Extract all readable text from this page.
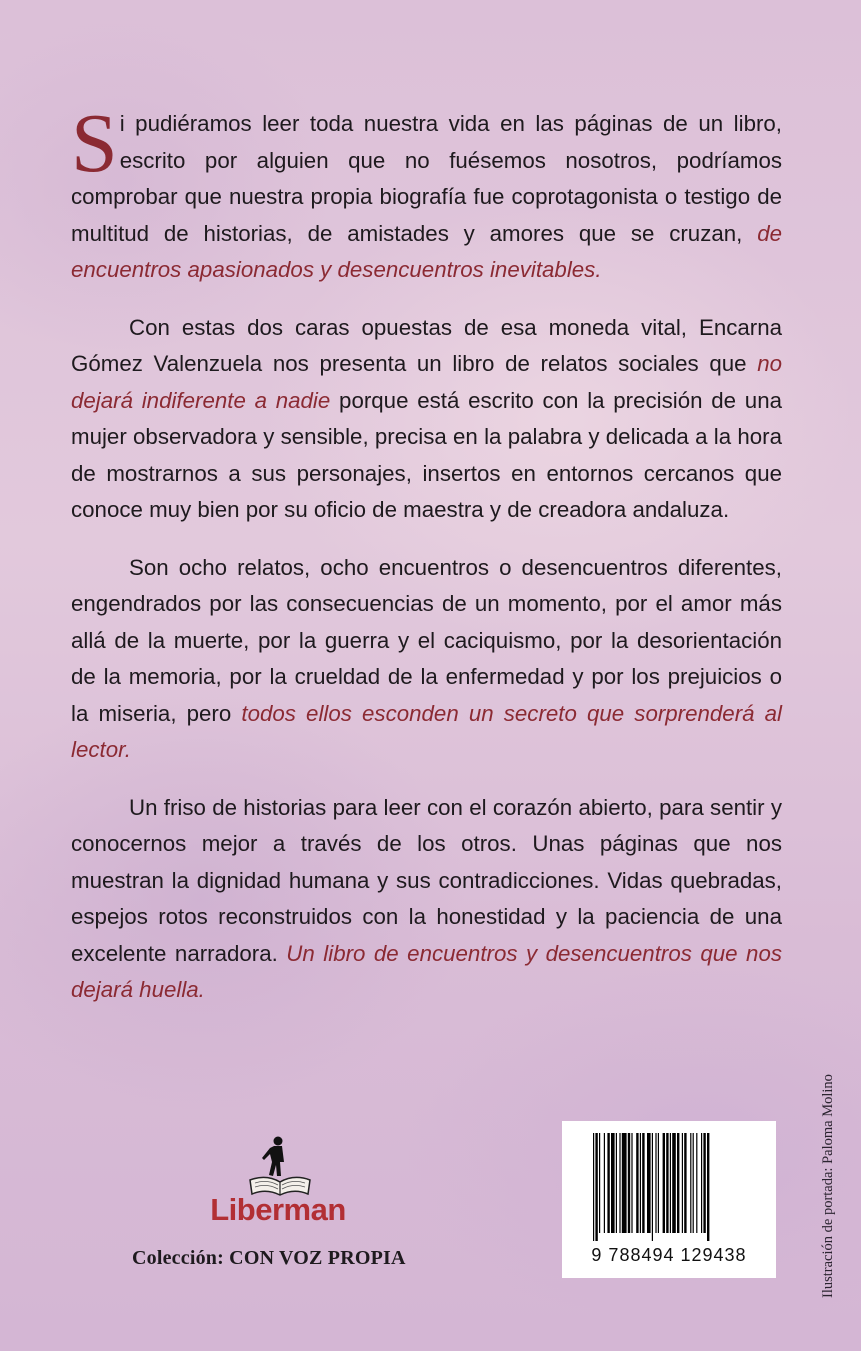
Si pudiéramos leer toda nuestra vida en las páginas de un libro, escrito por alguien que no fuésemos nosotros, podríamos comprobar que nuestra propia biografía fue coprotagonista o testigo de multitud de historias, de amistades y amores que se cruzan, de encuentros apasionados y desencuentros inevitables.

Con estas dos caras opuestas de esa moneda vital, Encarna Gómez Valenzuela nos presenta un libro de relatos sociales que no dejará indiferente a nadie porque está escrito con la precisión de una mujer observadora y sensible, precisa en la palabra y delicada a la hora de mostrarnos a sus personajes, insertos en entornos cercanos que conoce muy bien por su oficio de maestra y de creadora andaluza.

Son ocho relatos, ocho encuentros o desencuentros diferentes, engendrados por las consecuencias de un momento, por el amor más allá de la muerte, por la guerra y el caciquismo, por la desorientación de la memoria, por la crueldad de la enfermedad y por los prejuicios o la miseria, pero todos ellos esconden un secreto que sorprenderá al lector.

Un friso de historias para leer con el corazón abierto, para sentir y conocernos mejor a través de los otros. Unas páginas que nos muestran la dignidad humana y sus contradicciones. Vidas quebradas, espejos rotos reconstruidos con la honestidad y la paciencia de una excelente narradora. Un libro de encuentros y desencuentros que nos dejará huella.

Liberman
Colección: CON VOZ PROPIA	9 788494 129438	Ilustración de portada: Paloma Molino
